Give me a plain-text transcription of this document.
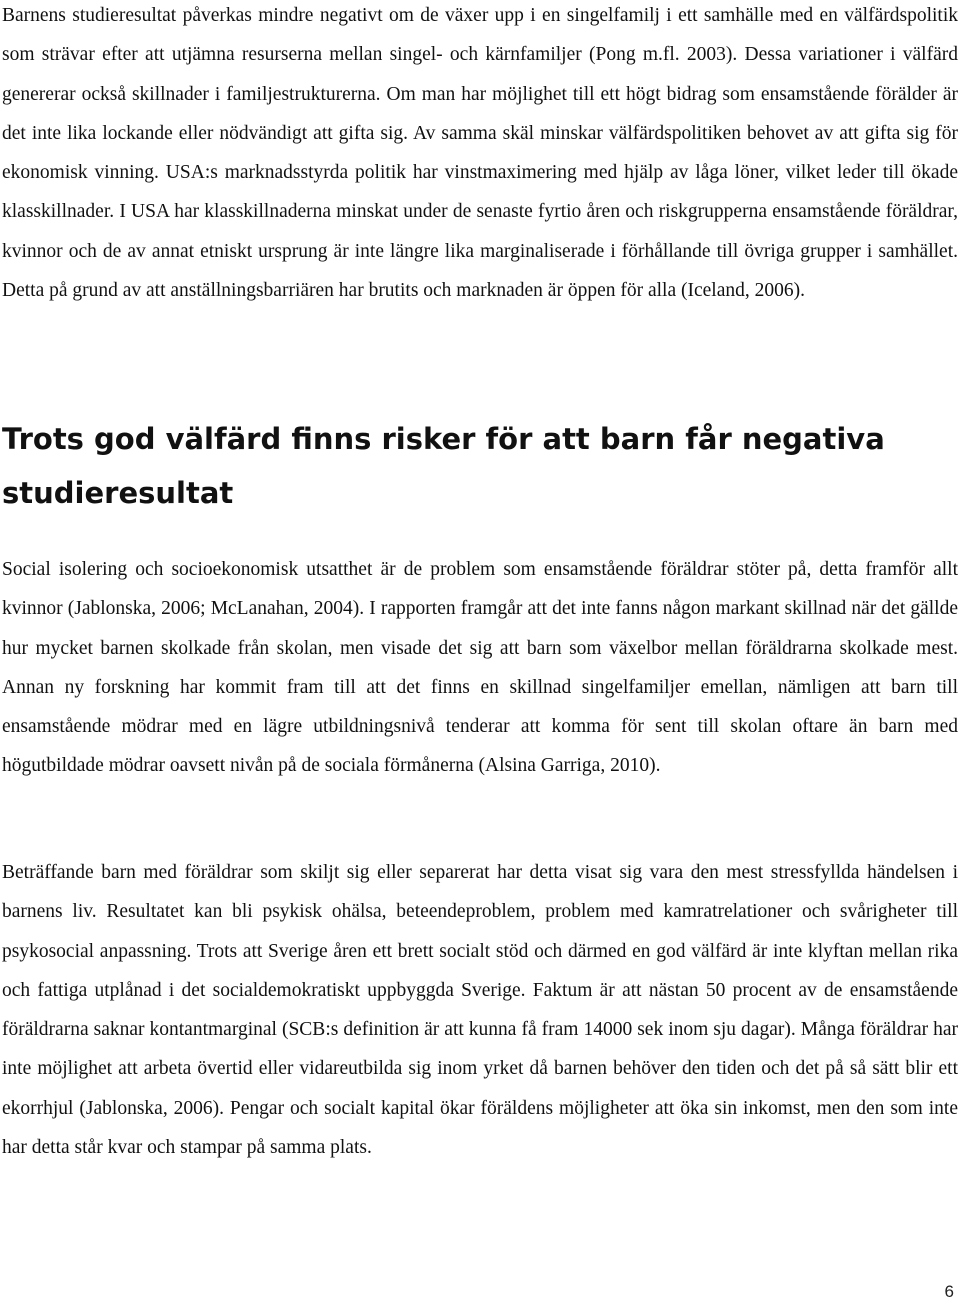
Barnens studieresultat påverkas mindre negativt om de växer upp i en singelfamilj i ett samhälle med en välfärdspolitik som strävar efter att utjämna resurserna mellan singel- och kärnfamiljer (Pong m.fl. 2003). Dessa variationer i välfärd genererar också skillnader i familjestrukturerna. Om man har möjlighet till ett högt bidrag som ensamstående förälder är det inte lika lockande eller nödvändigt att gifta sig. Av samma skäl minskar välfärdspolitiken behovet av att gifta sig för ekonomisk vinning. USA:s marknadsstyrda politik har vinstmaximering med hjälp av låga löner, vilket leder till ökade klasskillnader. I USA har klasskillnaderna minskat under de senaste fyrtio åren och riskgrupperna ensamstående föräldrar, kvinnor och de av annat etniskt ursprung är inte längre lika marginaliserade i förhållande till övriga grupper i samhället. Detta på grund av att anställningsbarriären har brutits och marknaden är öppen för alla (Iceland, 2006).

Trots god välfärd finns risker för att barn får negativa studieresultat

Social isolering och socioekonomisk utsatthet är de problem som ensamstående föräldrar stöter på, detta framför allt kvinnor (Jablonska, 2006; McLanahan, 2004). I rapporten framgår att det inte fanns någon markant skillnad när det gällde hur mycket barnen skolkade från skolan, men visade det sig att barn som växelbor mellan föräldrarna skolkade mest. Annan ny forskning har kommit fram till att det finns en skillnad singelfamiljer emellan, nämligen att barn till ensamstående mödrar med en lägre utbildningsnivå tenderar att komma för sent till skolan oftare än barn med högutbildade mödrar oavsett nivån på de sociala förmånerna (Alsina Garriga, 2010).

Beträffande barn med föräldrar som skiljt sig eller separerat har detta visat sig vara den mest stressfyllda händelsen i barnens liv. Resultatet kan bli psykisk ohälsa, beteendeproblem, problem med kamratrelationer och svårigheter till psykosocial anpassning. Trots att Sverige åren ett brett socialt stöd och därmed en god välfärd är inte klyftan mellan rika och fattiga utplånad i det socialdemokratiskt uppbyggda Sverige. Faktum är att nästan 50 procent av de ensamstående föräldrarna saknar kontantmarginal (SCB:s definition är att kunna få fram 14000 sek inom sju dagar). Många föräldrar har inte möjlighet att arbeta övertid eller vidareutbilda sig inom yrket då barnen behöver den tiden och det på så sätt blir ett ekorrhjul (Jablonska, 2006). Pengar och socialt kapital ökar föräldens möjligheter att öka sin inkomst, men den som inte har detta står kvar och stampar på samma plats.

6
